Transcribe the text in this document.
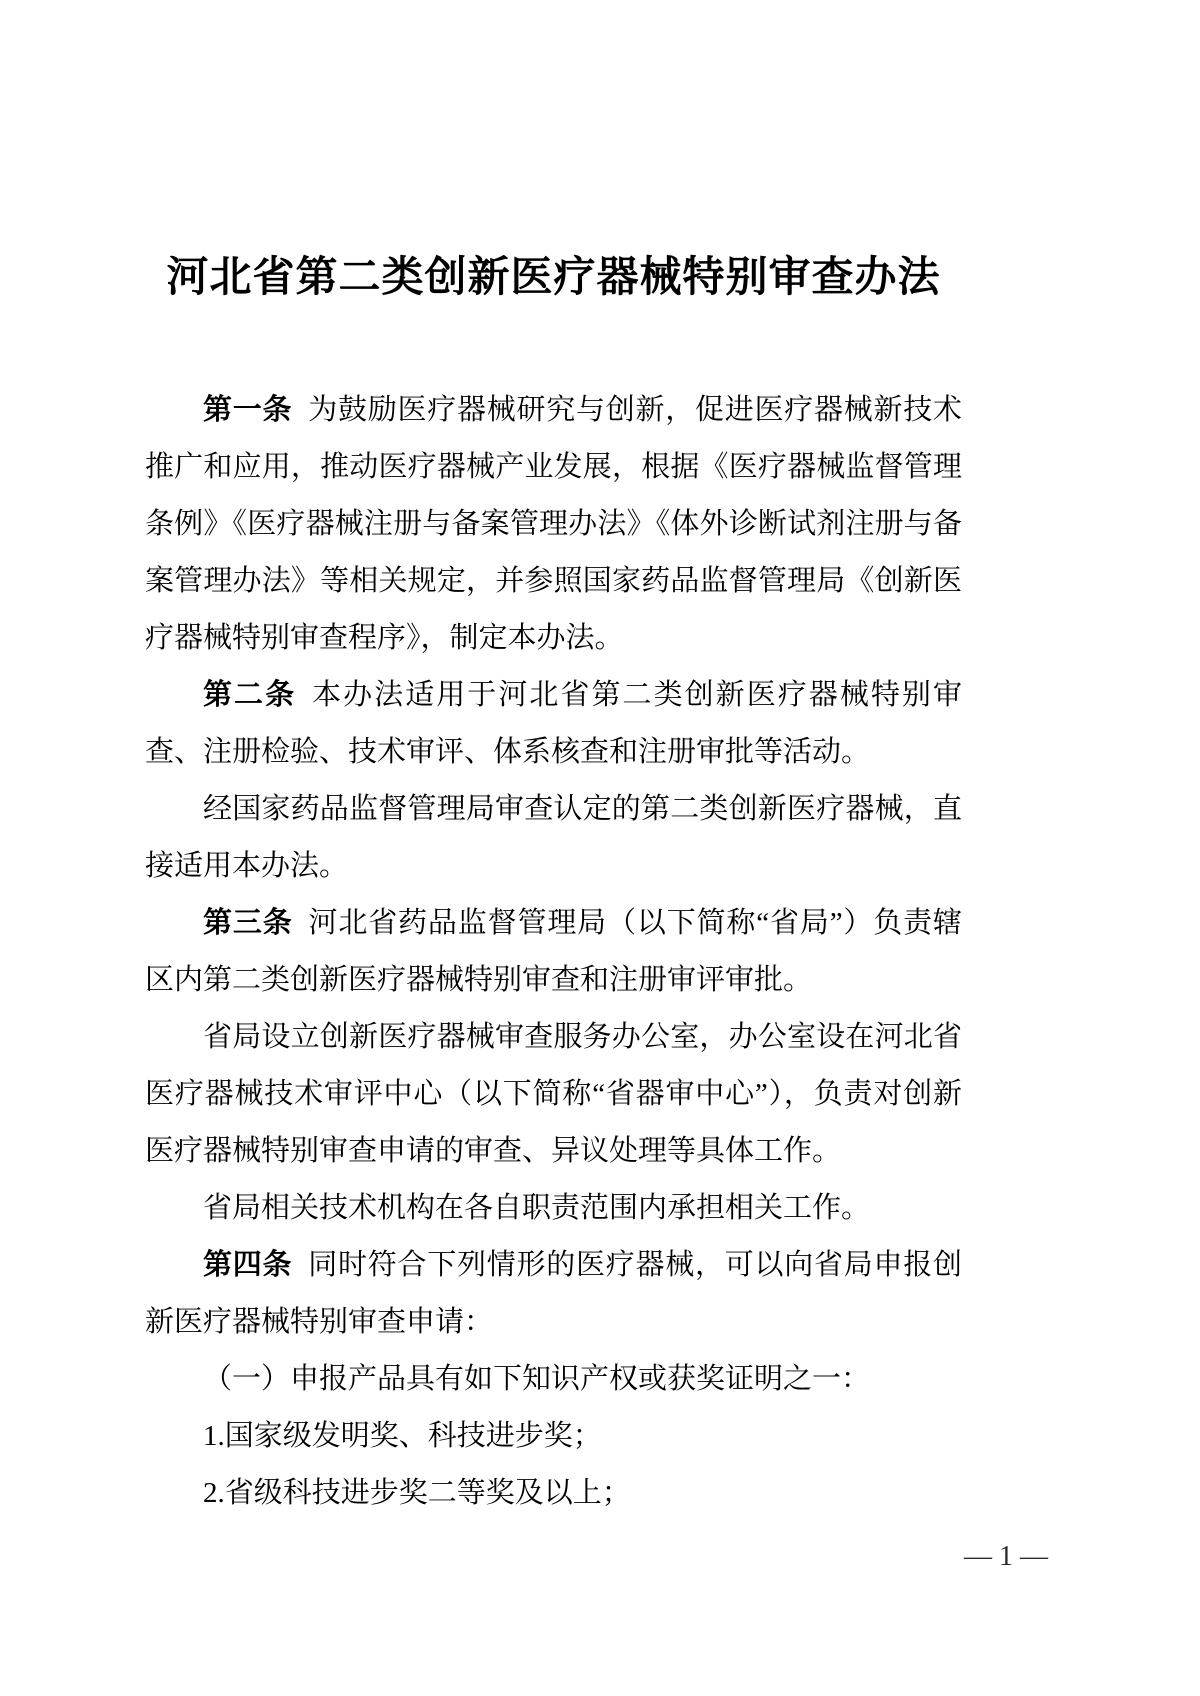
河北省第二类创新医疗器械特别审查办法

第一条 为鼓励医疗器械研究与创新，促进医疗器械新技术推广和应用，推动医疗器械产业发展，根据《医疗器械监督管理条例》《医疗器械注册与备案管理办法》《体外诊断试剂注册与备案管理办法》等相关规定，并参照国家药品监督管理局《创新医疗器械特别审查程序》，制定本办法。

第二条 本办法适用于河北省第二类创新医疗器械特别审查、注册检验、技术审评、体系核查和注册审批等活动。

经国家药品监督管理局审查认定的第二类创新医疗器械，直接适用本办法。

第三条 河北省药品监督管理局（以下简称“省局”）负责辖区内第二类创新医疗器械特别审查和注册审评审批。

省局设立创新医疗器械审查服务办公室，办公室设在河北省医疗器械技术审评中心（以下简称“省器审中心”），负责对创新医疗器械特别审查申请的审查、异议处理等具体工作。

省局相关技术机构在各自职责范围内承担相关工作。

第四条 同时符合下列情形的医疗器械，可以向省局申报创新医疗器械特别审查申请：

（一）申报产品具有如下知识产权或获奖证明之一：

1.国家级发明奖、科技进步奖；

2.省级科技进步奖二等奖及以上；

— 1 —
